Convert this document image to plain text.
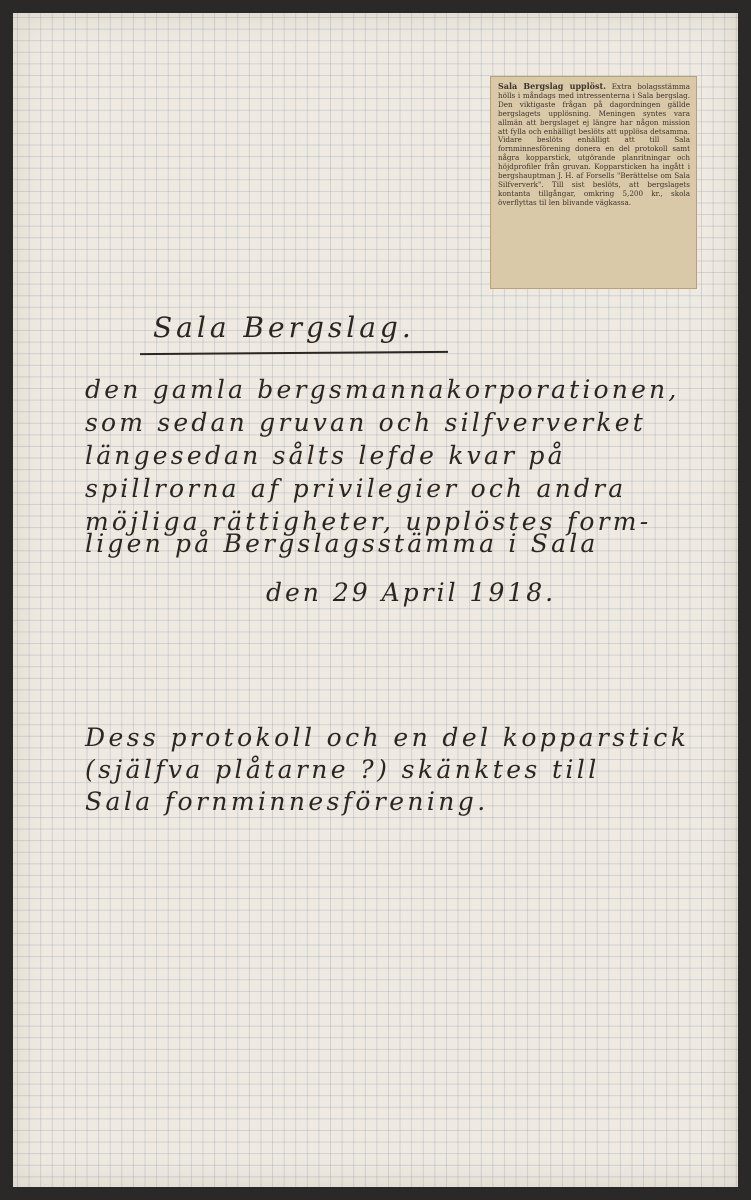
Sala Bergslag upplöst. Extra bolagsstämma hölls i måndags med intressenterna i Sala bergslag. Den viktigaste frågan på dagordningen gällde bergslagets upplösning. Meningen syntes vara allmän att bergslaget ej längre har någon mission att fylla och enhälligt beslöts att upplösa detsamma. Vidare beslöts enhälligt att till Sala fornminnesförening donera en del protokoll samt några kopparstick, utgörande planritningar och höjdprofiler från gruvan. Kopparsticken ha ingått i bergshauptman J. H. af Forsells "Berättelse om Sala Silfververk". Till sist beslöts, att bergslagets kontanta tillgångar, omkring 5,200 kr., skola överflyttas til len blivande vägkassa.
Sala Bergslag.
den gamla bergsmannakorporationen,
som sedan gruvan och silfververket
längesedan sålts lefde kvar på
spillrorna af privilegier och andra
möjliga rättigheter, upplöstes form-
ligen på Bergslagsstämma i Sala
den 29 April 1918.
Dess protokoll och en del kopparstick
(själfva plåtarne ?) skänktes till
Sala fornminnesförening.
